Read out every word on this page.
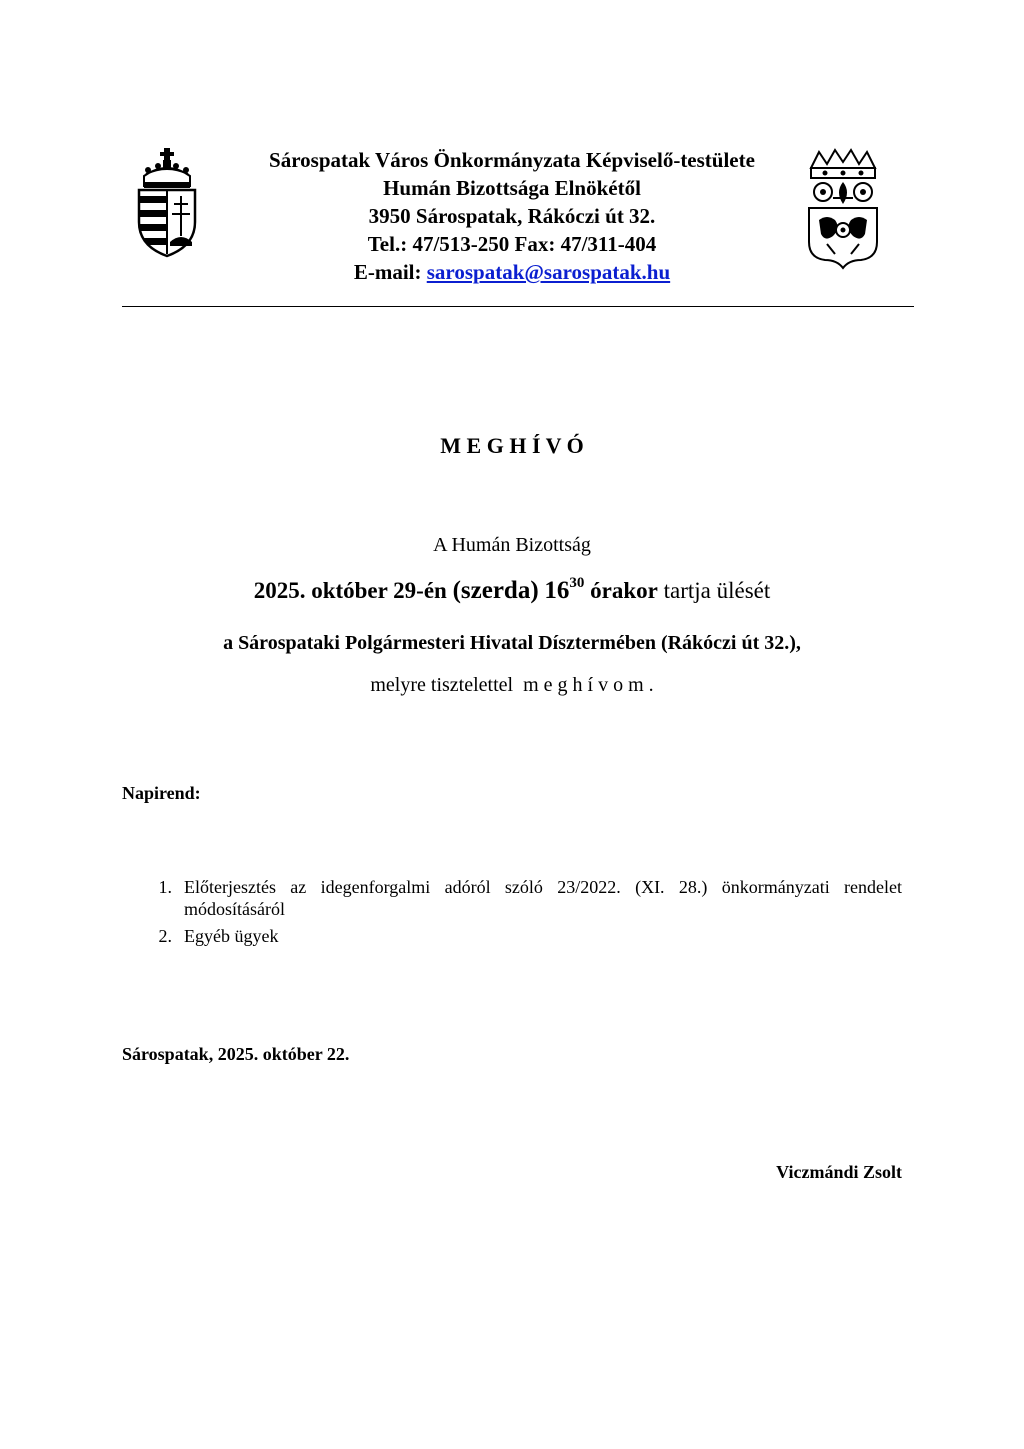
Sárospatak Város Önkormányzata Képviselő-testülete
Humán Bizottsága Elnökétől
3950 Sárospatak, Rákóczi út 32.
Tel.: 47/513-250 Fax: 47/311-404
E-mail: sarospatak@sarospatak.hu
M E G H Í V Ó
A Humán Bizottság
2025. október 29-én (szerda) $16^{30}$ órakor tartja ülését
a Sárospataki Polgármesteri Hivatal Dísztermében (Rákóczi út 32.),
melyre tisztelettel  m e g h í v o m .
Napirend:
1. Előterjesztés az idegenforgalmi adóról szóló 23/2022. (XI. 28.) önkormányzati rendelet módosításáról
2. Egyéb ügyek
Sárospatak, 2025. október 22.
Viczmándi Zsolt
